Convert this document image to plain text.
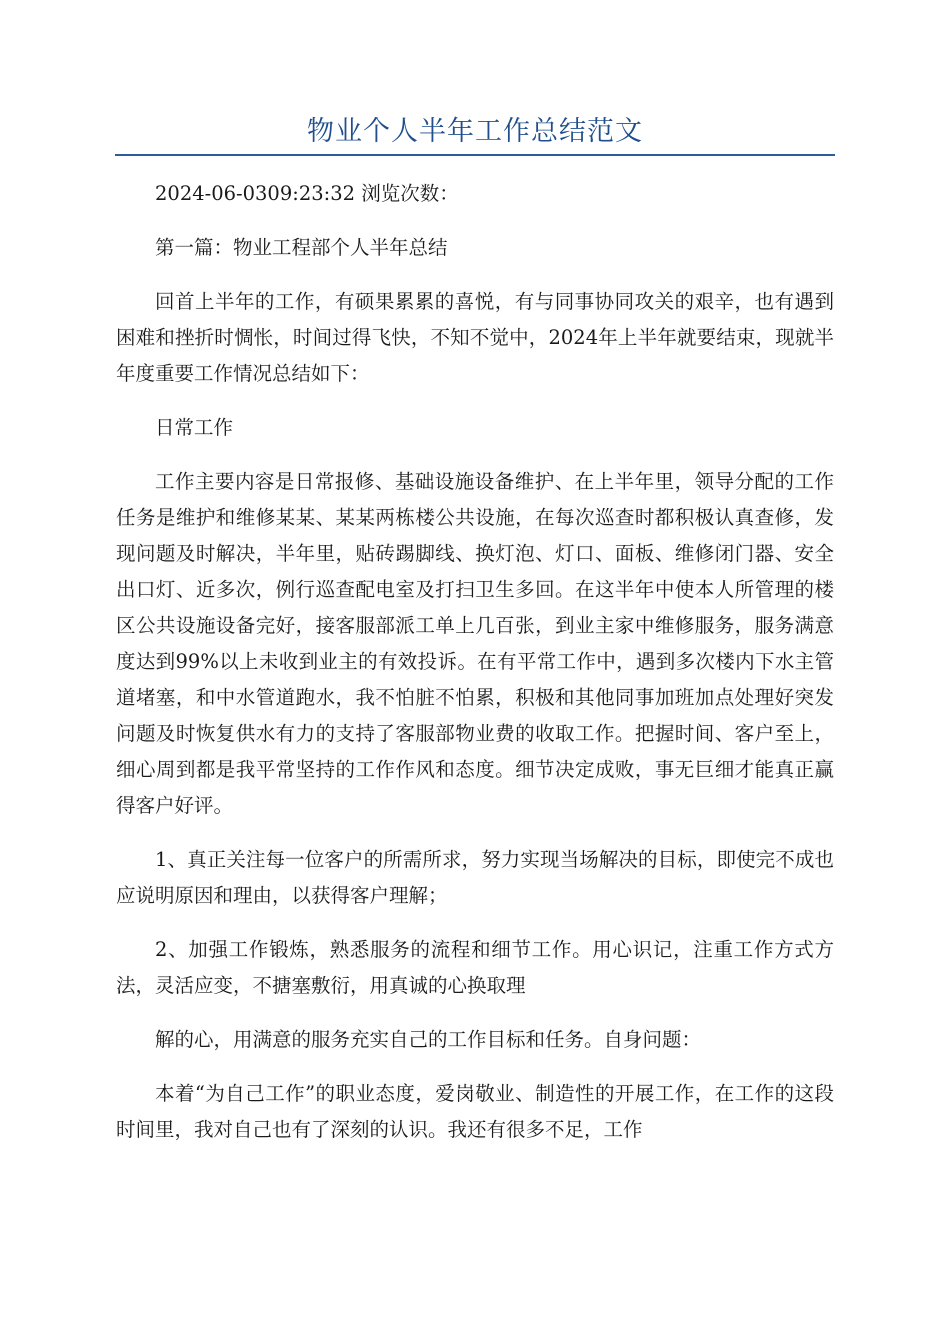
物业个人半年工作总结范文

2024-06-0309:23:32 浏览次数：

第一篇：物业工程部个人半年总结

回首上半年的工作，有硕果累累的喜悦，有与同事协同攻关的艰辛，也有遇到困难和挫折时惆怅，时间过得飞快，不知不觉中，2024年上半年就要结束，现就半年度重要工作情况总结如下：

日常工作

工作主要内容是日常报修、基础设施设备维护、在上半年里，领导分配的工作任务是维护和维修某某、某某两栋楼公共设施，在每次巡查时都积极认真查修，发现问题及时解决，半年里，贴砖踢脚线、换灯泡、灯口、面板、维修闭门器、安全出口灯、近多次，例行巡查配电室及打扫卫生多回。在这半年中使本人所管理的楼区公共设施设备完好，接客服部派工单上几百张，到业主家中维修服务，服务满意度达到99%以上未收到业主的有效投诉。在有平常工作中，遇到多次楼内下水主管道堵塞，和中水管道跑水，我不怕脏不怕累，积极和其他同事加班加点处理好突发问题及时恢复供水有力的支持了客服部物业费的收取工作。把握时间、客户至上，细心周到都是我平常坚持的工作作风和态度。细节决定成败，事无巨细才能真正赢得客户好评。

1、真正关注每一位客户的所需所求，努力实现当场解决的目标，即使完不成也应说明原因和理由，以获得客户理解；

2、加强工作锻炼，熟悉服务的流程和细节工作。用心识记，注重工作方式方法，灵活应变，不搪塞敷衍，用真诚的心换取理

解的心，用满意的服务充实自己的工作目标和任务。自身问题：

本着“为自己工作”的职业态度，爱岗敬业、制造性的开展工作，在工作的这段时间里，我对自己也有了深刻的认识。我还有很多不足，工作
